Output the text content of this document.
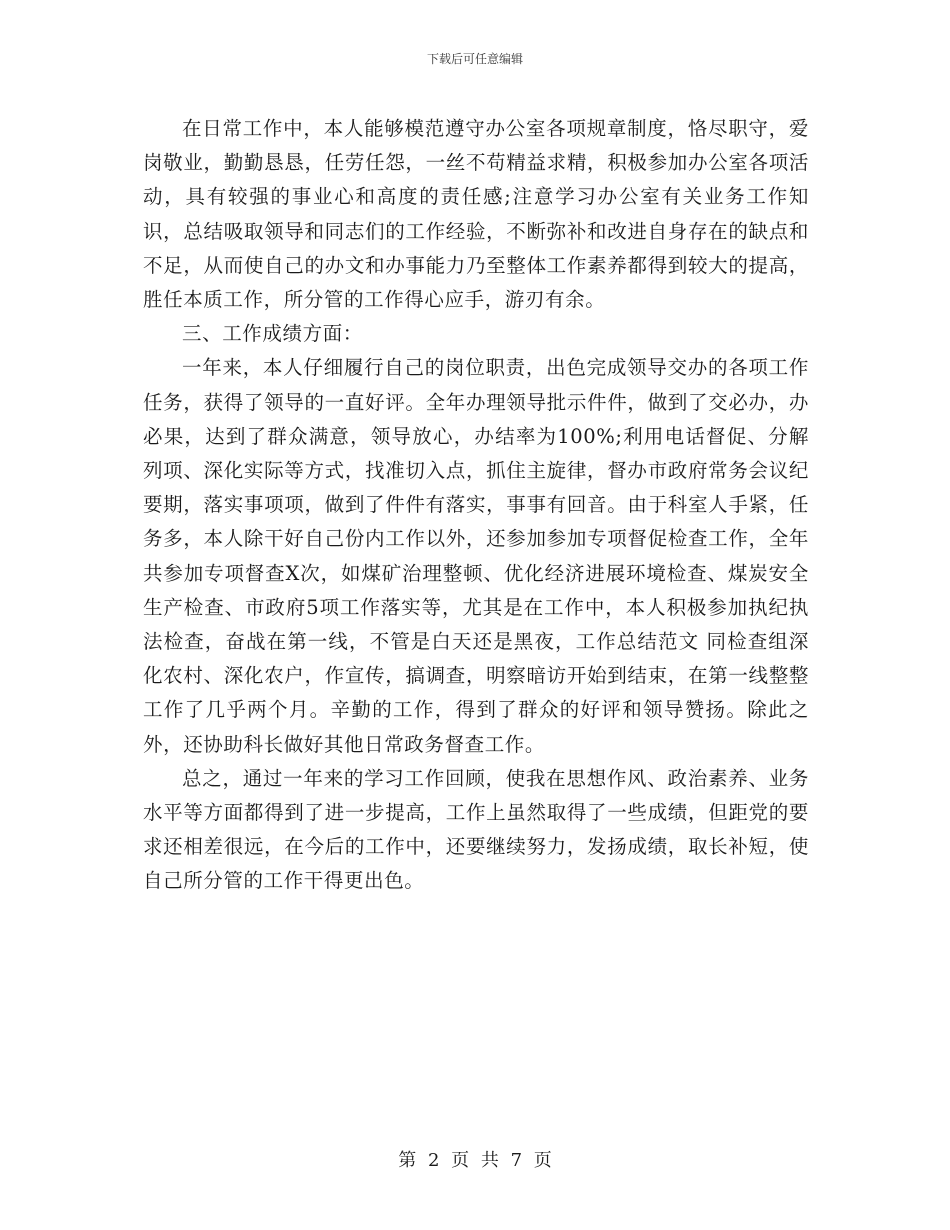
下载后可任意编辑

在日常工作中，本人能够模范遵守办公室各项规章制度，恪尽职守，爱岗敬业，勤勤恳恳，任劳任怨，一丝不苟精益求精，积极参加办公室各项活动，具有较强的事业心和高度的责任感;注意学习办公室有关业务工作知识，总结吸取领导和同志们的工作经验，不断弥补和改进自身存在的缺点和不足，从而使自己的办文和办事能力乃至整体工作素养都得到较大的提高，胜任本质工作，所分管的工作得心应手，游刃有余。

三、工作成绩方面：

一年来，本人仔细履行自己的岗位职责，出色完成领导交办的各项工作任务，获得了领导的一直好评。全年办理领导批示件件，做到了交必办，办必果，达到了群众满意，领导放心，办结率为100%;利用电话督促、分解列项、深化实际等方式，找准切入点，抓住主旋律，督办市政府常务会议纪要期，落实事项项，做到了件件有落实，事事有回音。由于科室人手紧，任务多，本人除干好自己份内工作以外，还参加参加专项督促检查工作，全年共参加专项督查X次，如煤矿治理整顿、优化经济进展环境检查、煤炭安全生产检查、市政府5项工作落实等，尤其是在工作中，本人积极参加执纪执法检查，奋战在第一线，不管是白天还是黑夜，工作总结范文 同检查组深化农村、深化农户，作宣传，搞调查，明察暗访开始到结束，在第一线整整工作了几乎两个月。辛勤的工作，得到了群众的好评和领导赞扬。除此之外，还协助科长做好其他日常政务督查工作。

总之，通过一年来的学习工作回顾，使我在思想作风、政治素养、业务水平等方面都得到了进一步提高，工作上虽然取得了一些成绩，但距党的要求还相差很远，在今后的工作中，还要继续努力，发扬成绩，取长补短，使自己所分管的工作干得更出色。

第 2 页 共 7 页
